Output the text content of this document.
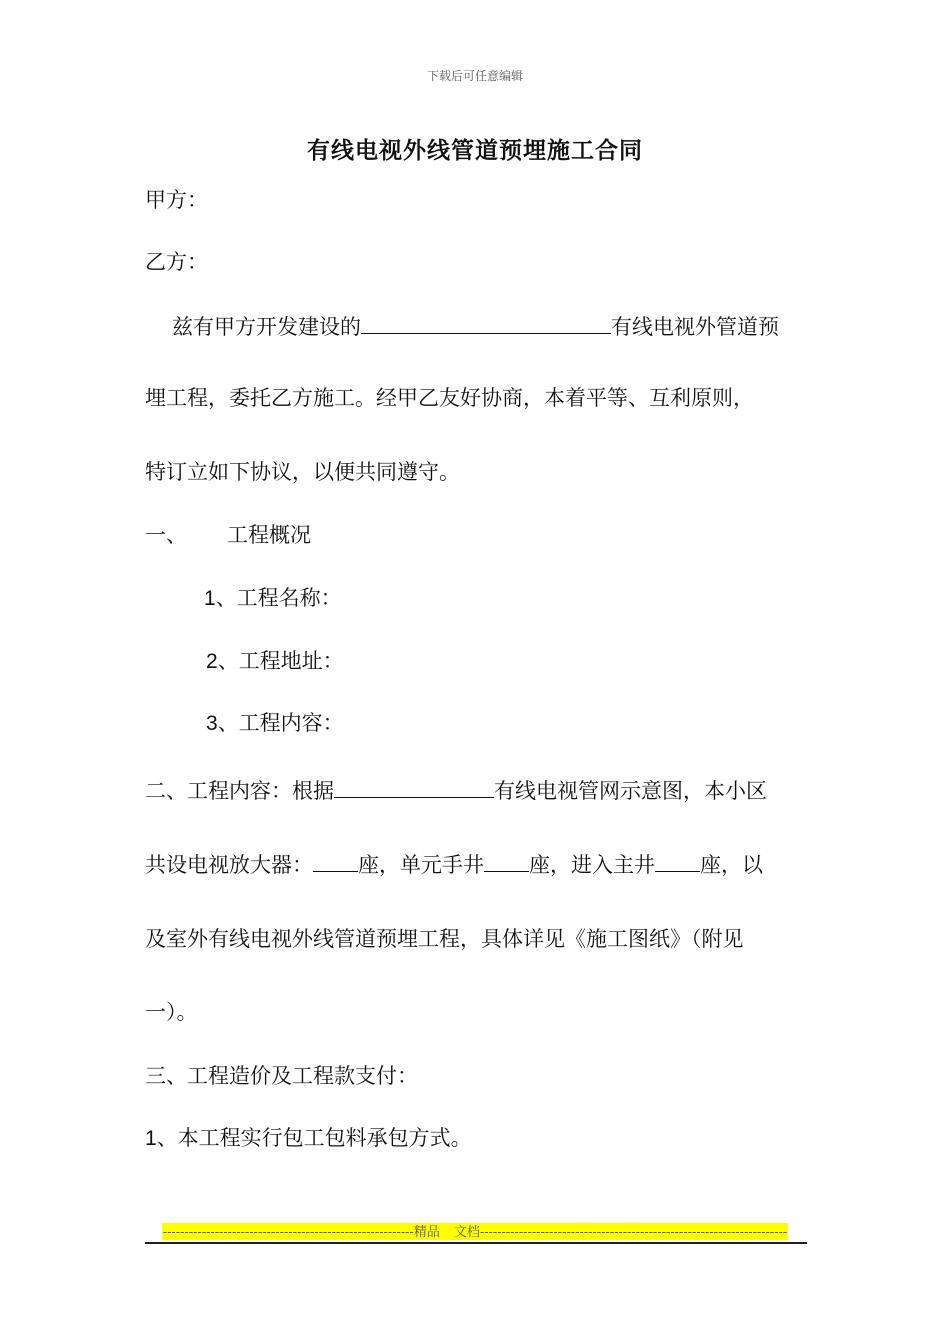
下载后可任意编辑
有线电视外线管道预埋施工合同
甲方：
乙方：
兹有甲方开发建设的	有线电视外管道预
埋工程，委托乙方施工。经甲乙友好协商，本着平等、互利原则，
特订立如下协议，以便共同遵守。
一、 工程概况
1、工程名称：
2、工程地址：
3、工程内容：
二、工程内容：根据	有线电视管网示意图，本小区
共设电视放大器： 座，单元手井 座，进入主井 座，以
及室外有线电视外线管道预埋工程，具体详见《施工图纸》（附见
一）。
三、工程造价及工程款支付：
1、本工程实行包工包料承包方式。
----------------------------------------------------------精品 文档-----------------------------------------------------------------------
